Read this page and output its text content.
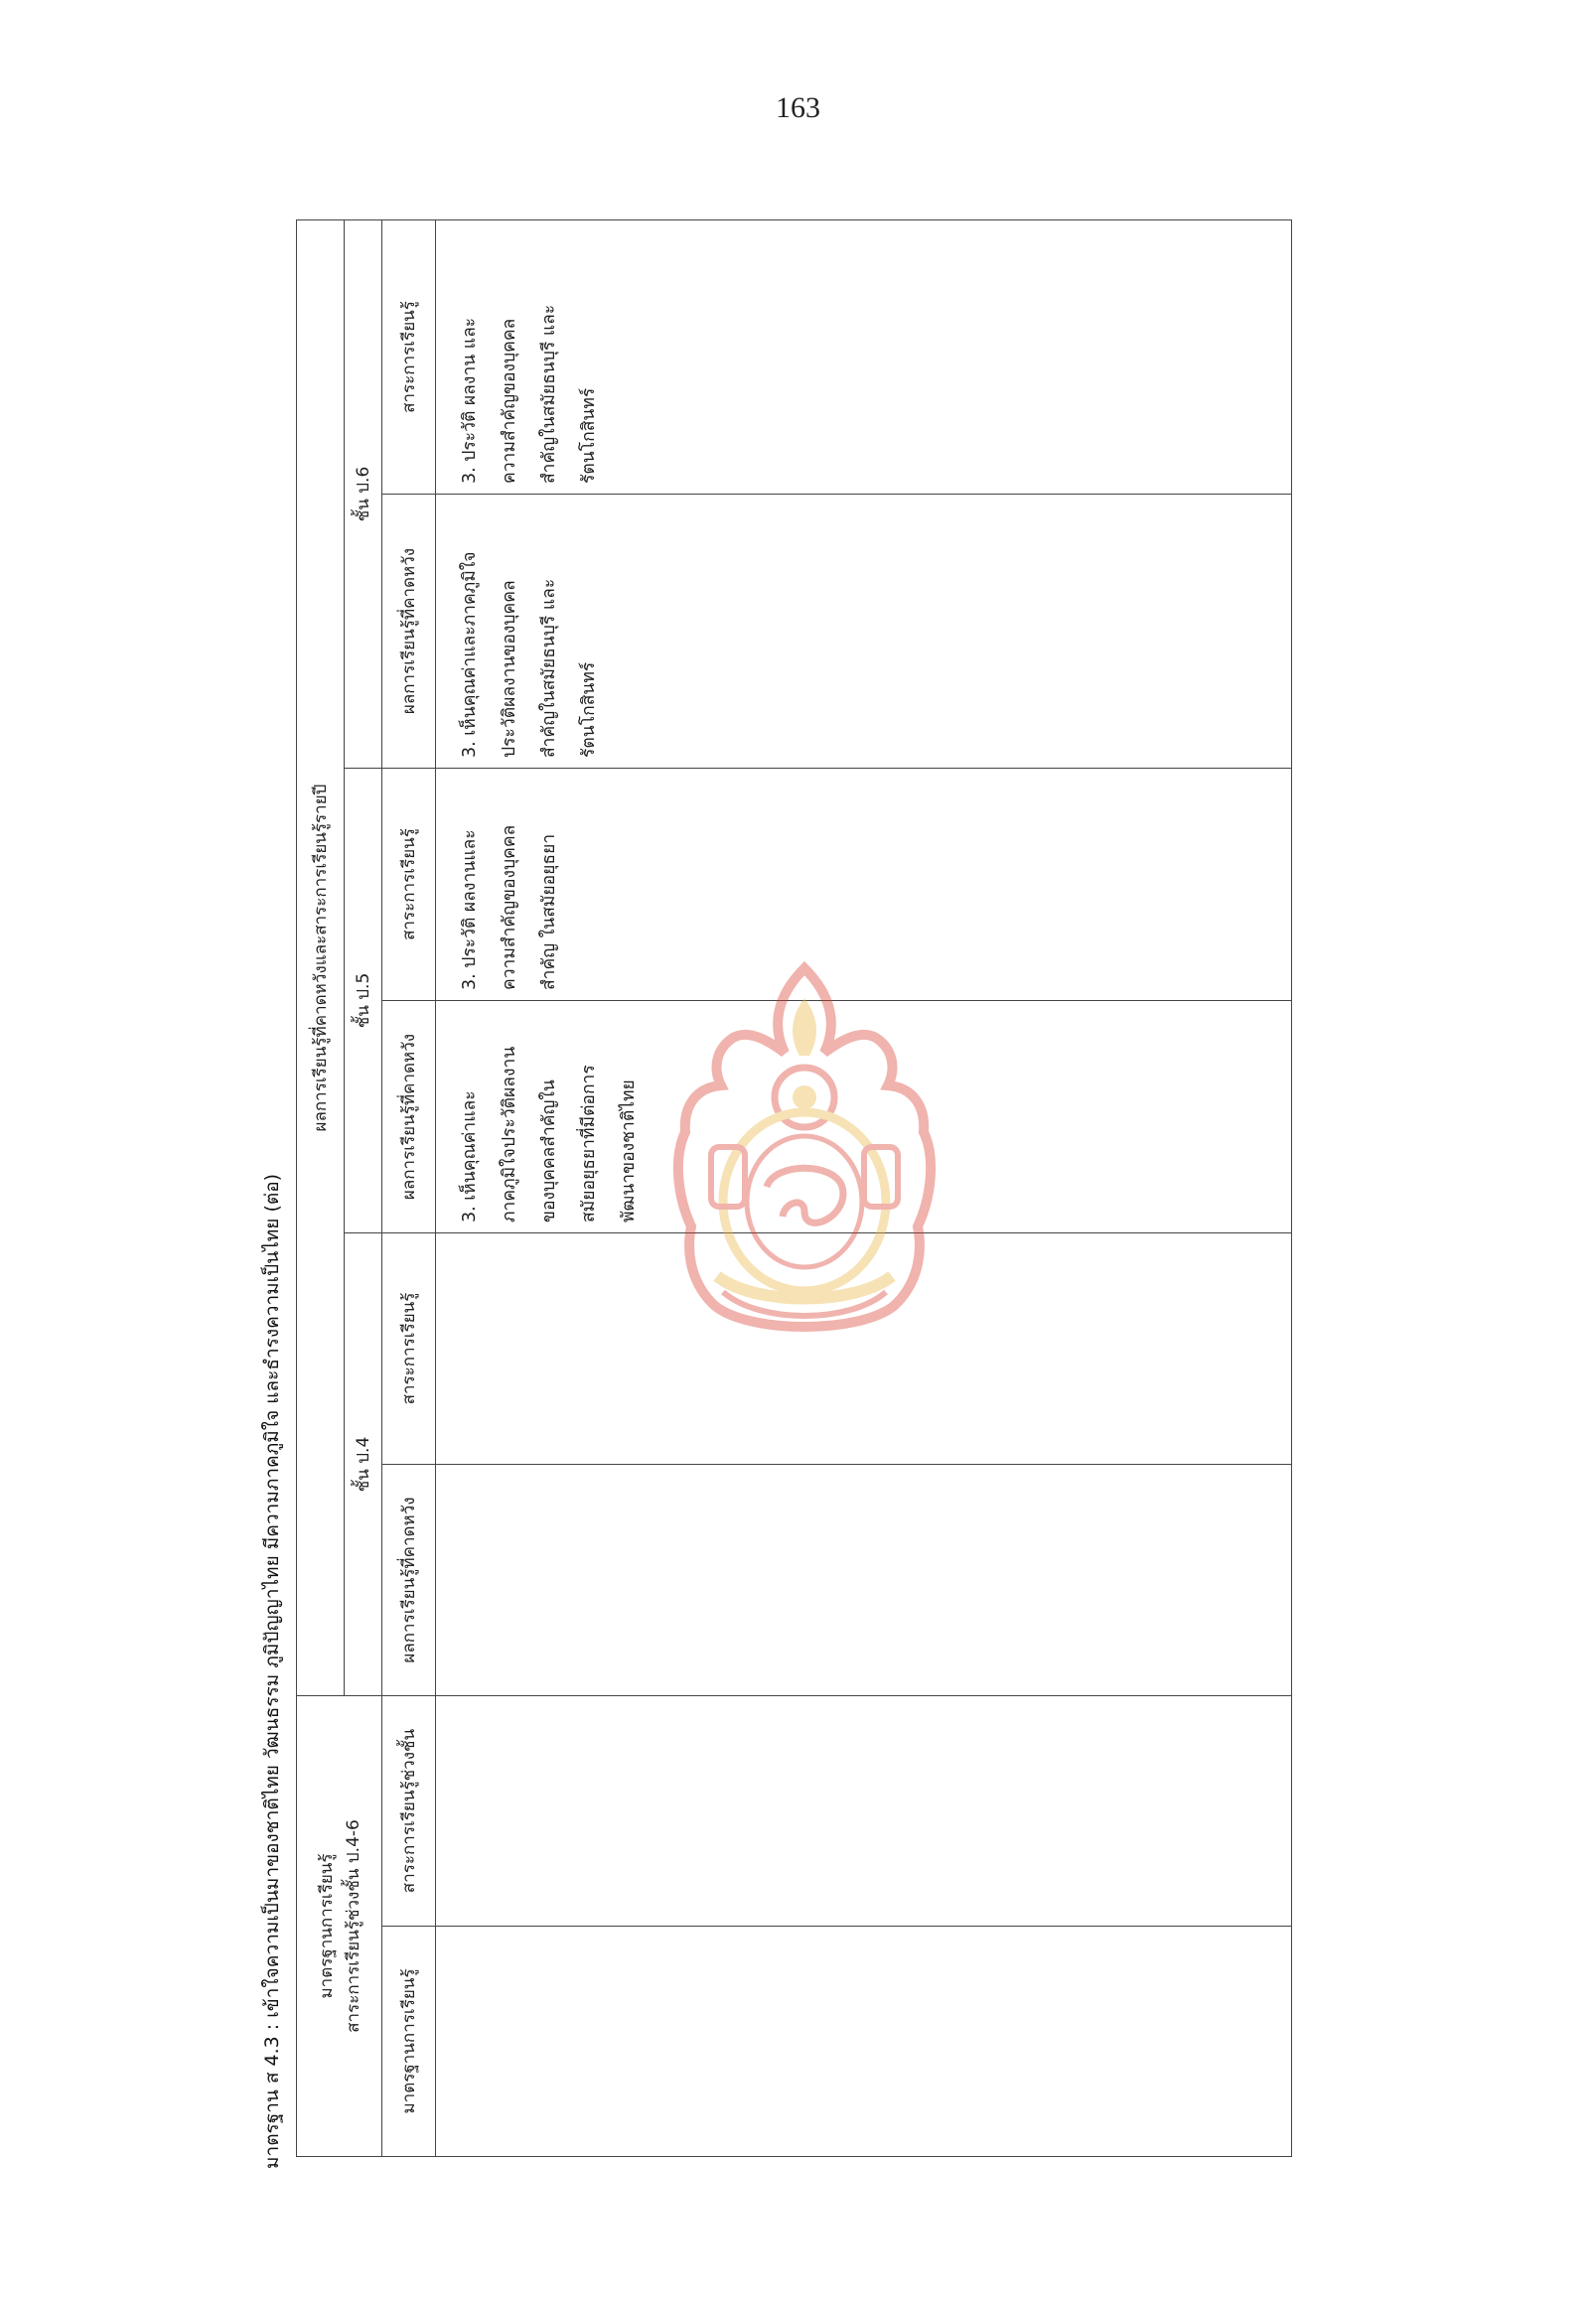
163
มาตรฐาน ส 4.3 : เข้าใจความเป็นมาของชาติไทย วัฒนธรรม ภูมิปัญญาไทย มีความภาคภูมิใจ และธำรงความเป็นไทย (ต่อ) มาตรฐานการเรียนรู้
สาระการเรียนรู้ช่วงชั้น ป.4-6		ผลการเรียนรู้ที่คาดหวังและสาระการเรียนรู้รายปี					
		ชั้น ป.4		ชั้น ป.5		ชั้น ป.6	
มาตรฐานการเรียนรู้	สาระการเรียนรู้ช่วงชั้น	ผลการเรียนรู้ที่คาดหวัง	สาระการเรียนรู้	ผลการเรียนรู้ที่คาดหวัง	สาระการเรียนรู้	ผลการเรียนรู้ที่คาดหวัง	สาระการเรียนรู้

				3. เห็นคุณค่าและ
ภาคภูมิใจประวัติผลงาน
ของบุคคลสำคัญใน
สมัยอยุธยาที่มีต่อการ
พัฒนาของชาติไทย	3. ประวัติ ผลงานและ
ความสำคัญของบุคคล
สำคัญ ในสมัยอยุธยา	3. เห็นคุณค่าและภาคภูมิใจ
ประวัติผลงานของบุคคล
สำคัญในสมัยธนบุรี และ
รัตนโกสินทร์	3. ประวัติ ผลงาน และ
ความสำคัญของบุคคล
สำคัญในสมัยธนบุรี และ
รัตนโกสินทร์
